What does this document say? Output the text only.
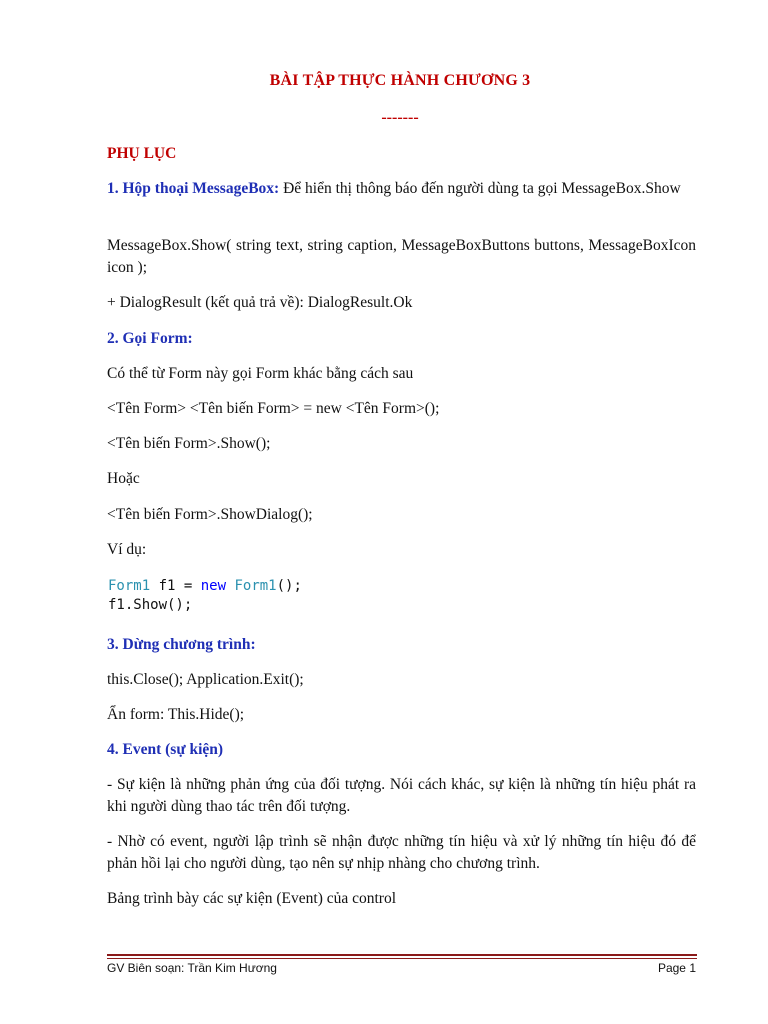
BÀI TẬP THỰC HÀNH CHƯƠNG 3
-------
PHỤ LỤC
1. Hộp thoại MessageBox: Để hiển thị thông báo đến người dùng ta gọi MessageBox.Show
MessageBox.Show( string text, string caption, MessageBoxButtons buttons, MessageBoxIcon icon );
+ DialogResult (kết quả trả về): DialogResult.Ok
2. Gọi Form:
Có thể từ Form này gọi Form khác bằng cách sau
<Tên Form> <Tên biến Form> = new <Tên Form>();
<Tên biến Form>.Show();
Hoặc
<Tên biến Form>.ShowDialog();
Ví dụ:
Form1 f1 = new Form1();
f1.Show();
3. Dừng chương trình:
this.Close(); Application.Exit();
Ẩn form: This.Hide();
4. Event (sự kiện)
- Sự kiện là những phản ứng của đối tượng. Nói cách khác, sự kiện là những tín hiệu phát ra khi người dùng thao tác trên đối tượng.
- Nhờ có event, người lập trình sẽ nhận được những tín hiệu và xử lý những tín hiệu đó để phản hồi lại cho người dùng, tạo nên sự nhịp nhàng cho chương trình.
Bảng trình bày các sự kiện (Event) của control
GV Biên soạn: Trần Kim Hương	Page 1
